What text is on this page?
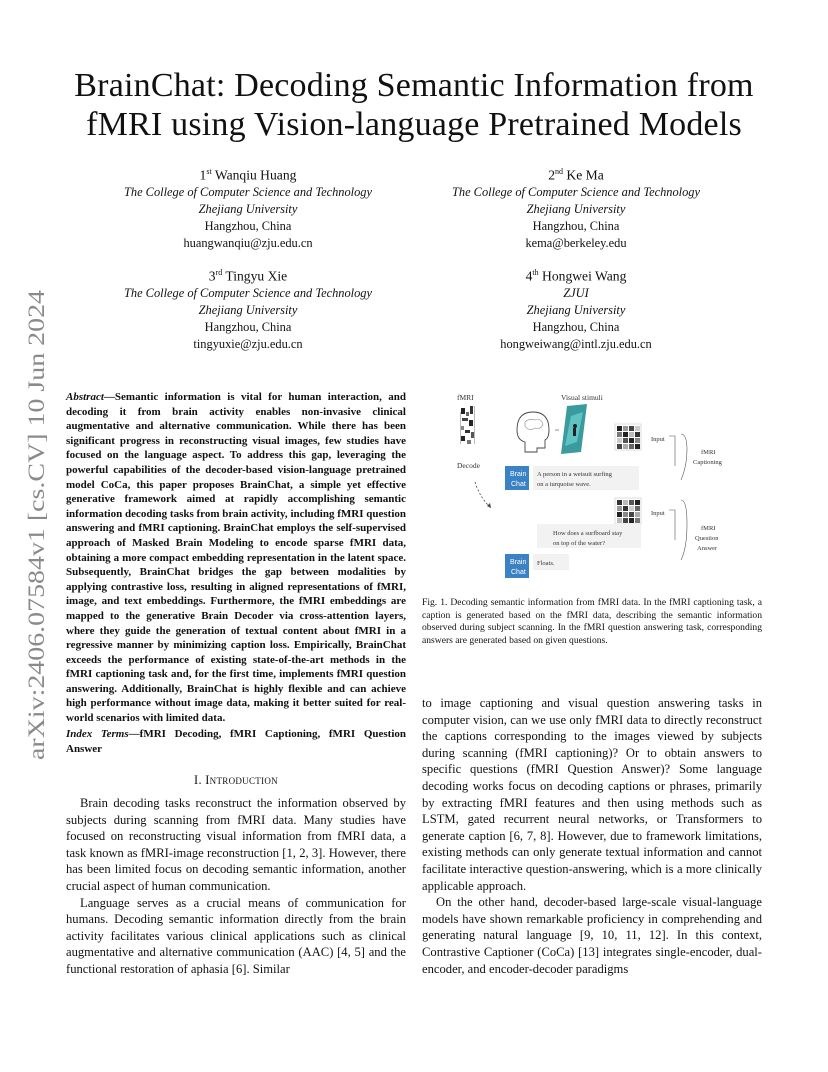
arXiv:2406.07584v1 [cs.CV] 10 Jun 2024
BrainChat: Decoding Semantic Information from
fMRI using Vision-language Pretrained Models
1st Wanqiu Huang
The College of Computer Science and Technology
Zhejiang University
Hangzhou, China
huangwanqiu@zju.edu.cn
2nd Ke Ma
The College of Computer Science and Technology
Zhejiang University
Hangzhou, China
kema@berkeley.edu
3rd Tingyu Xie
The College of Computer Science and Technology
Zhejiang University
Hangzhou, China
tingyuxie@zju.edu.cn
4th Hongwei Wang
ZJUI
Zhejiang University
Hangzhou, China
hongweiwang@intl.zju.edu.cn
Abstract—Semantic information is vital for human interaction, and decoding it from brain activity enables non-invasive clinical augmentative and alternative communication. While there has been significant progress in reconstructing visual images, few studies have focused on the language aspect. To address this gap, leveraging the powerful capabilities of the decoder-based vision-language pretrained model CoCa, this paper proposes BrainChat, a simple yet effective generative framework aimed at rapidly accomplishing semantic information decoding tasks from brain activity, including fMRI question answering and fMRI captioning. BrainChat employs the self-supervised approach of Masked Brain Modeling to encode sparse fMRI data, obtaining a more compact embedding representation in the latent space. Subsequently, BrainChat bridges the gap between modalities by applying contrastive loss, resulting in aligned representations of fMRI, image, and text embeddings. Furthermore, the fMRI embeddings are mapped to the generative Brain Decoder via cross-attention layers, where they guide the generation of textual content about fMRI in a regressive manner by minimizing caption loss. Empirically, BrainChat exceeds the performance of existing state-of-the-art methods in the fMRI captioning task and, for the first time, implements fMRI question answering. Additionally, BrainChat is highly flexible and can achieve high performance without image data, making it better suited for real-world scenarios with limited data.
Index Terms—fMRI Decoding, fMRI Captioning, fMRI Question Answer
I. Introduction

Brain decoding tasks reconstruct the information observed by subjects during scanning from fMRI data. Many studies have focused on reconstructing visual information from fMRI data, a task known as fMRI-image reconstruction [1, 2, 3]. However, there has been limited focus on decoding semantic information, another crucial aspect of human communication.

Language serves as a crucial means of communication for humans. Decoding semantic information directly from the brain activity facilitates various clinical applications such as clinical augmentative and alternative communication (AAC) [4, 5] and the functional restoration of aphasia [6]. Similar

fMRI
Decode
Visual stimuli
Input
Brain
Chat
A person in a wetsuit surfing
on a turquoise wave.
fMRI
Captioning
Input
How does a surfboard stay
on top of the water?
fMRI
Question
Answer
Brain
Chat
Floats.
Fig. 1. Decoding semantic information from fMRI data. In the fMRI captioning task, a caption is generated based on the fMRI data, describing the semantic information observed during subject scanning. In the fMRI question answering task, corresponding answers are generated based on given questions.

to image captioning and visual question answering tasks in computer vision, can we use only fMRI data to directly reconstruct the captions corresponding to the images viewed by subjects during scanning (fMRI captioning)? Or to obtain answers to specific questions (fMRI Question Answer)? Some language decoding works focus on decoding captions or phrases, primarily by extracting fMRI features and then using methods such as LSTM, gated recurrent neural networks, or Transformers to generate caption [6, 7, 8]. However, due to framework limitations, existing methods can only generate textual information and cannot facilitate interactive question-answering, which is a more clinically applicable approach.

On the other hand, decoder-based large-scale visual-language models have shown remarkable proficiency in comprehending and generating natural language [9, 10, 11, 12]. In this context, Contrastive Captioner (CoCa) [13] integrates single-encoder, dual-encoder, and encoder-decoder paradigms
